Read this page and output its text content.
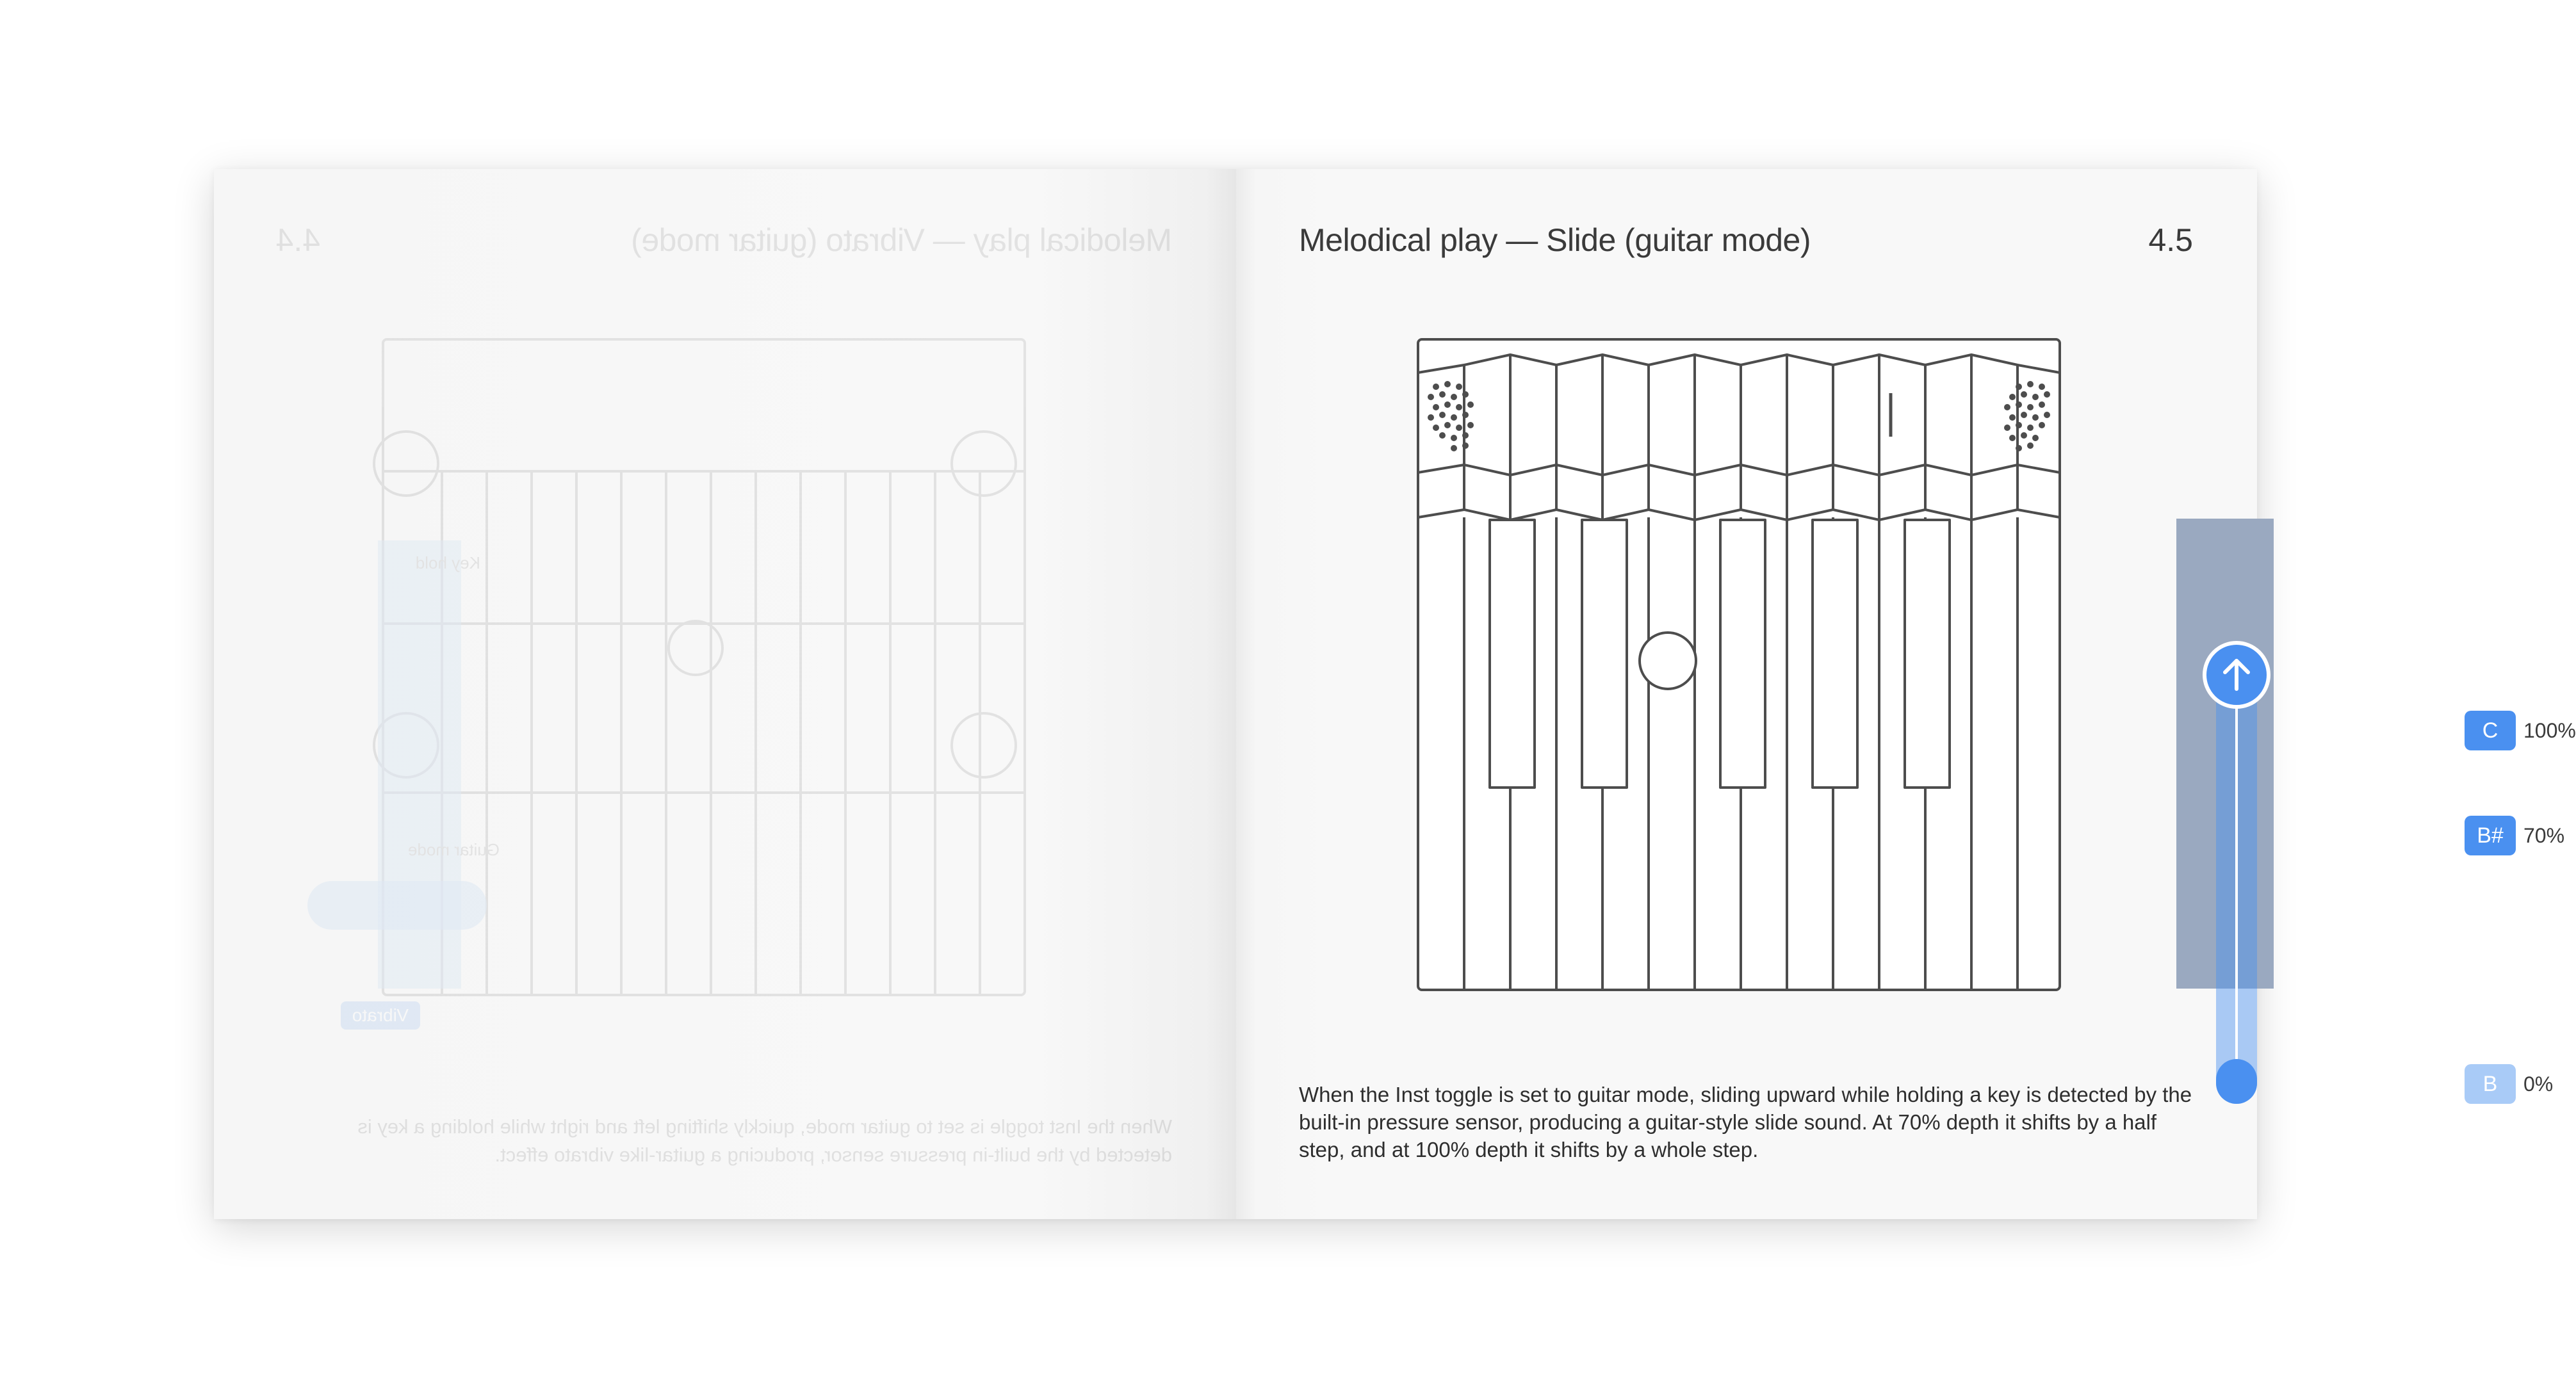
Melodical play — Vibrato (guitar mode)
4.4
Key hold
Guitar mode
Vibrato
When the Inst toggle is set to guitar mode, quickly shifting left and right while holding a key is detected by the built-in pressure sensor, producing a guitar-like vibrato effect.
Melodical play — Slide (guitar mode)	4.5
C	100%
B# 70%
B	0%
When the Inst toggle is set to guitar mode, sliding upward while holding a key is detected by the built-in pressure sensor, producing a guitar-style slide sound. At 70% depth it shifts by a half step, and at 100% depth it shifts by a whole step.
